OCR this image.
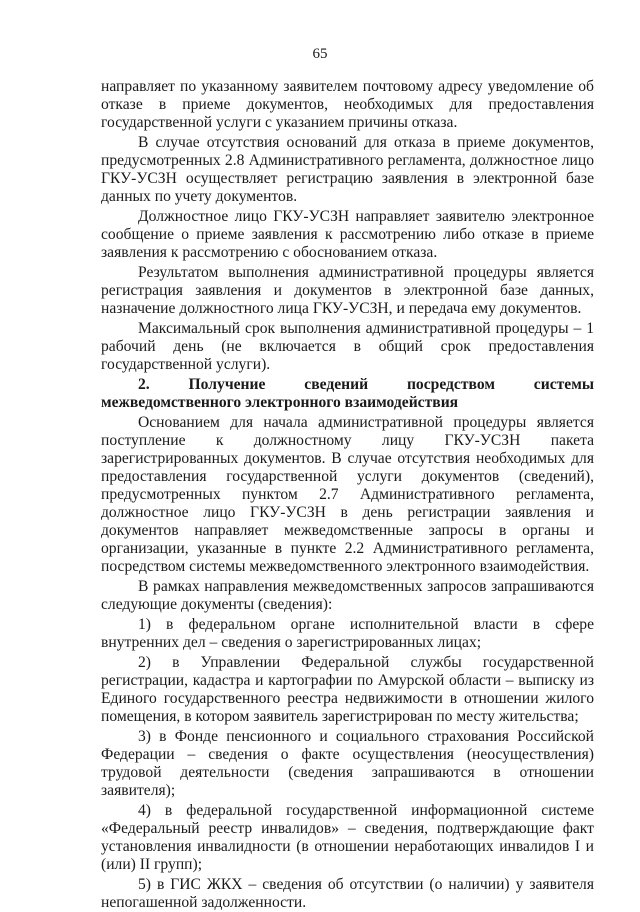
65

направляет по указанному заявителем почтовому адресу уведомление об отказе в приеме документов, необходимых для предоставления государственной услуги с указанием причины отказа.

В случае отсутствия оснований для отказа в приеме документов, предусмотренных 2.8 Административного регламента, должностное лицо ГКУ-УСЗН осуществляет регистрацию заявления в электронной базе данных по учету документов.

Должностное лицо ГКУ-УСЗН направляет заявителю электронное сообщение о приеме заявления к рассмотрению либо отказе в приеме заявления к рассмотрению с обоснованием отказа.

Результатом выполнения административной процедуры является регистрация заявления и документов в электронной базе данных, назначение должностного лица ГКУ-УСЗН, и передача ему документов.

Максимальный срок выполнения административной процедуры – 1 рабочий день (не включается в общий срок предоставления государственной услуги).

2. Получение сведений посредством системы межведомственного электронного взаимодействия

Основанием для начала административной процедуры является поступление к должностному лицу ГКУ-УСЗН пакета зарегистрированных документов. В случае отсутствия необходимых для предоставления государственной услуги документов (сведений), предусмотренных пунктом 2.7 Административного регламента, должностное лицо ГКУ-УСЗН в день регистрации заявления и документов направляет межведомственные запросы в органы и организации, указанные в пункте 2.2 Административного регламента, посредством системы межведомственного электронного взаимодействия.

В рамках направления межведомственных запросов запрашиваются следующие документы (сведения):

1) в федеральном органе исполнительной власти в сфере внутренних дел – сведения о зарегистрированных лицах;

2) в Управлении Федеральной службы государственной регистрации, кадастра и картографии по Амурской области – выписку из Единого государственного реестра недвижимости в отношении жилого помещения, в котором заявитель зарегистрирован по месту жительства;

3) в Фонде пенсионного и социального страхования Российской Федерации – сведения о факте осуществления (неосуществления) трудовой деятельности (сведения запрашиваются в отношении заявителя);

4) в федеральной государственной информационной системе «Федеральный реестр инвалидов» – сведения, подтверждающие факт установления инвалидности (в отношении неработающих инвалидов I и (или) II групп);

5) в ГИС ЖКХ – сведения об отсутствии (о наличии) у заявителя непогашенной задолженности.
